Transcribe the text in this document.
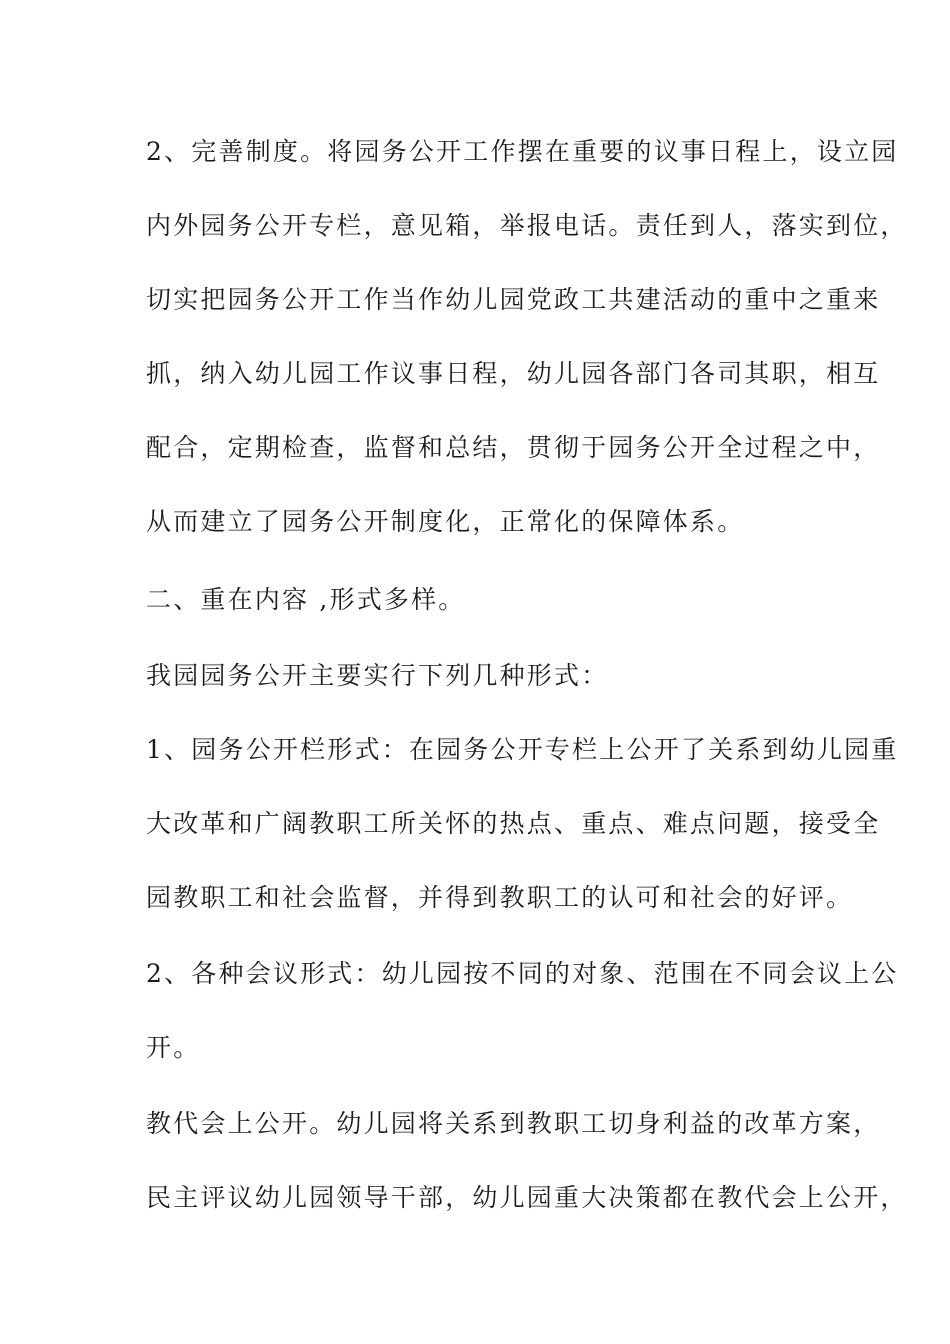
2、完善制度。将园务公开工作摆在重要的议事日程上，设立园
内外园务公开专栏，意见箱，举报电话。责任到人，落实到位，
切实把园务公开工作当作幼儿园党政工共建活动的重中之重来
抓，纳入幼儿园工作议事日程，幼儿园各部门各司其职，相互
配合，定期检查，监督和总结，贯彻于园务公开全过程之中，
从而建立了园务公开制度化，正常化的保障体系。
二、重在内容 ,形式多样。
我园园务公开主要实行下列几种形式：
1、园务公开栏形式：在园务公开专栏上公开了关系到幼儿园重
大改革和广阔教职工所关怀的热点、重点、难点问题，接受全
园教职工和社会监督，并得到教职工的认可和社会的好评。
2、各种会议形式：幼儿园按不同的对象、范围在不同会议上公
开。
教代会上公开。幼儿园将关系到教职工切身利益的改革方案，
民主评议幼儿园领导干部，幼儿园重大决策都在教代会上公开，
